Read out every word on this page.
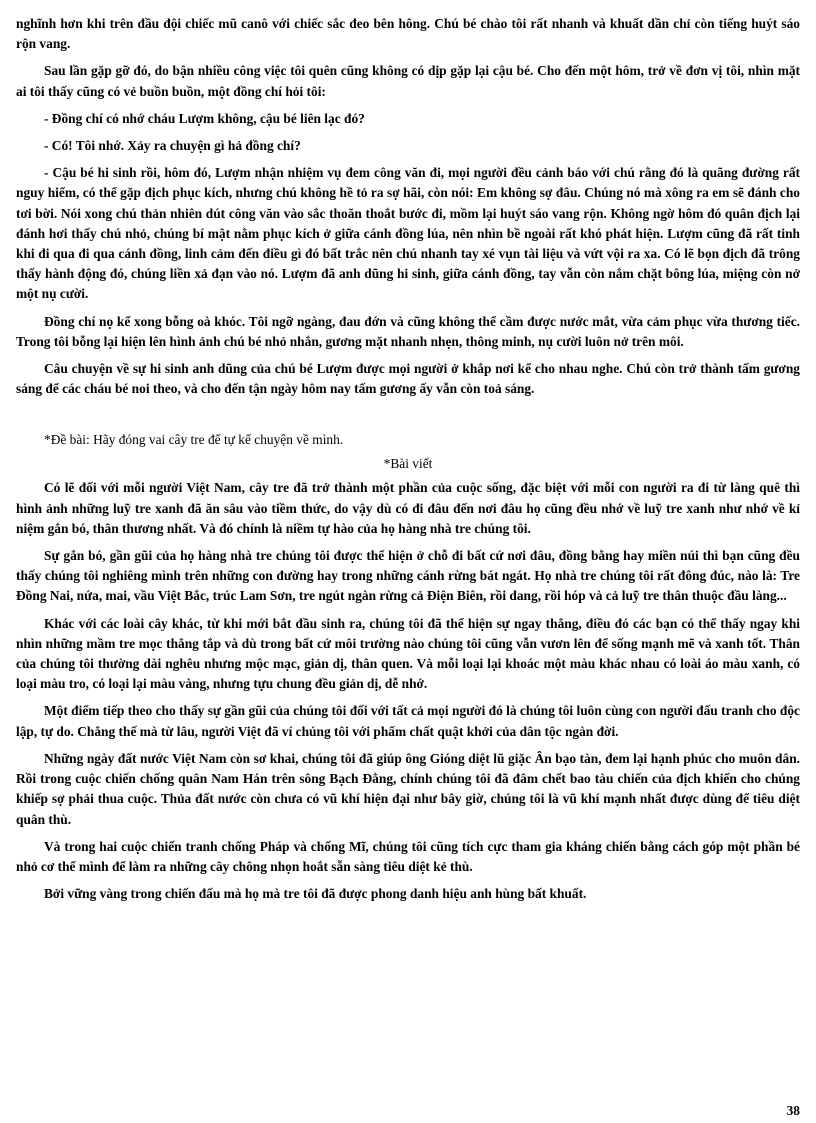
nghĩnh hơn khi trên đầu đội chiếc mũ canô với chiếc sắc đeo bên hông. Chú bé chào tôi rất nhanh và khuất dần chỉ còn tiếng huýt sáo rộn vang.

Sau lần gặp gỡ đó, do bận nhiều công việc tôi quên cũng không có dịp gặp lại cậu bé. Cho đến một hôm, trở về đơn vị tôi, nhìn mặt ai tôi thấy cũng có vẻ buồn buồn, một đồng chí hỏi tôi:

- Đồng chí có nhớ cháu Lượm không, cậu bé liên lạc đó?

- Có! Tôi nhớ. Xảy ra chuyện gì hả đồng chí?

- Cậu bé hi sinh rồi, hôm đó, Lượm nhận nhiệm vụ đem công văn đi, mọi người đều cảnh báo với chú rằng đó là quãng đường rất nguy hiểm, có thể gặp địch phục kích, nhưng chú không hề tỏ ra sợ hãi, còn nói: Em không sợ đâu. Chúng nó mà xông ra em sẽ đánh cho tơi bời. Nói xong chú thản nhiên dút công văn vào sắc thoăn thoắt bước đi, mồm lại huýt sáo vang rộn. Không ngờ hôm đó quân địch lại đánh hơi thấy chú nhỏ, chúng bí mật nằm phục kích ở giữa cánh đồng lúa, nên nhìn bề ngoài rất khó phát hiện. Lượm cũng đã rất tinh khi đi qua đi qua cánh đồng, linh cảm đến điều gì đó bất trắc nên chú nhanh tay xé vụn tài liệu và vứt vội ra xa. Có lẽ bọn địch đã trông thấy hành động đó, chúng liền xả đạn vào nó. Lượm đã anh dũng hi sinh, giữa cánh đồng, tay vẫn còn nắm chặt bông lúa, miệng còn nở một nụ cười.

Đồng chí nọ kể xong bỗng oà khóc. Tôi ngỡ ngàng, đau đớn và cũng không thể cầm được nước mắt, vừa cảm phục vừa thương tiếc. Trong tôi bỗng lại hiện lên hình ảnh chú bé nhỏ nhắn, gương mặt nhanh nhẹn, thông minh, nụ cười luôn nở trên môi.

Câu chuyện về sự hi sinh anh dũng của chú bé Lượm được mọi người ở khắp nơi kể cho nhau nghe. Chú còn trở thành tấm gương sáng để các cháu bé noi theo, và cho đến tận ngày hôm nay tấm gương ấy vẫn còn toả sáng.

*Đề bài: Hãy đóng vai cây tre để tự kể chuyện về mình.

*Bài viết

Có lẽ đối với mỗi người Việt Nam, cây tre đã trở thành một phần của cuộc sống, đặc biệt với mỗi con người ra đi từ làng quê thì hình ảnh những luỹ tre xanh đã ăn sâu vào tiềm thức, do vậy dù có đi đâu đến nơi đâu họ cũng đều nhớ về luỹ tre xanh như nhớ về kỉ niệm gắn bó, thân thương nhất. Và đó chính là niềm tự hào của họ hàng nhà tre chúng tôi.

Sự gắn bó, gần gũi của họ hàng nhà tre chúng tôi được thể hiện ở chỗ đi bất cứ nơi đâu, đồng bằng hay miền núi thì bạn cũng đều thấy chúng tôi nghiêng mình trên những con đường hay trong những cánh rừng bát ngát. Họ nhà tre chúng tôi rất đông đúc, nào là: Tre Đồng Nai, nứa, mai, vầu Việt Bắc, trúc Lam Sơn, tre ngút ngàn rừng cả Điện Biên, rồi dang, rồi hóp và cả luỹ tre thân thuộc đầu làng...

Khác với các loài cây khác, từ khi mới bắt đầu sinh ra, chúng tôi đã thể hiện sự ngay thẳng, điều đó các bạn có thể thấy ngay khi nhìn những mầm tre mọc thẳng tắp và dù trong bất cứ môi trường nào chúng tôi cũng vẫn vươn lên để sống mạnh mẽ và xanh tốt. Thân của chúng tôi thường dài nghêu nhưng mộc mạc, giản dị, thân quen. Và mỗi loại lại khoác một màu khác nhau có loài áo màu xanh, có loại màu tro, có loại lại màu vàng, nhưng tựu chung đều giản dị, dễ nhớ.

Một điểm tiếp theo cho thấy sự gần gũi của chúng tôi đối với tất cả mọi người đó là chúng tôi luôn cùng con người đấu tranh cho độc lập, tự do. Chẳng thế mà từ lâu, người Việt đã ví chúng tôi với phẩm chất quật khởi của dân tộc ngàn đời.

Những ngày đất nước Việt Nam còn sơ khai, chúng tôi đã giúp ông Gióng diệt lũ giặc Ân bạo tàn, đem lại hạnh phúc cho muôn dân. Rồi trong cuộc chiến chống quân Nam Hán trên sông Bạch Đằng, chính chúng tôi đã đâm chết bao tàu chiến của địch khiến cho chúng khiếp sợ phải thua cuộc. Thủa đất nước còn chưa có vũ khí hiện đại như bây giờ, chúng tôi là vũ khí mạnh nhất được dùng để tiêu diệt quân thù.

Và trong hai cuộc chiến tranh chống Pháp và chống Mĩ, chúng tôi cũng tích cực tham gia kháng chiến bằng cách góp một phần bé nhỏ cơ thể mình để làm ra những cây chông nhọn hoắt sẵn sàng tiêu diệt kẻ thù.

Bởi vững vàng trong chiến đấu mà họ mà tre tôi đã được phong danh hiệu anh hùng bất khuất.

38
